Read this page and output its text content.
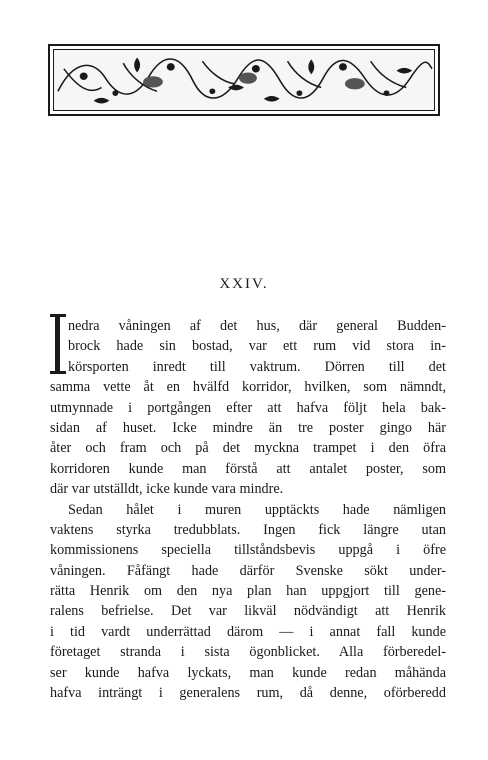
XXIV.
nedra våningen af det hus, där general Budden-
brock hade sin bostad, var ett rum vid stora in-
körsporten inredt till vaktrum. Dörren till det
samma vette åt en hvälfd korridor, hvilken, som nämndt,
utmynnade i portgången efter att hafva följt hela bak-
sidan af huset. Icke mindre än tre poster gingo här
åter och fram och på det myckna trampet i den öfra
korridoren kunde man förstå att antalet poster, som
där var utställdt, icke kunde vara mindre.
Sedan hålet i muren upptäckts hade nämligen
vaktens styrka tredubblats. Ingen fick längre utan
kommissionens speciella tillståndsbevis uppgå i öfre
våningen. Fåfängt hade därför Svenske sökt under-
rätta Henrik om den nya plan han uppgjort till gene-
ralens befrielse. Det var likväl nödvändigt att Henrik
i tid vardt underrättad därom — i annat fall kunde
företaget stranda i sista ögonblicket. Alla förberedel-
ser kunde hafva lyckats, man kunde redan måhända
hafva inträngt i generalens rum, då denne, oförberedd
